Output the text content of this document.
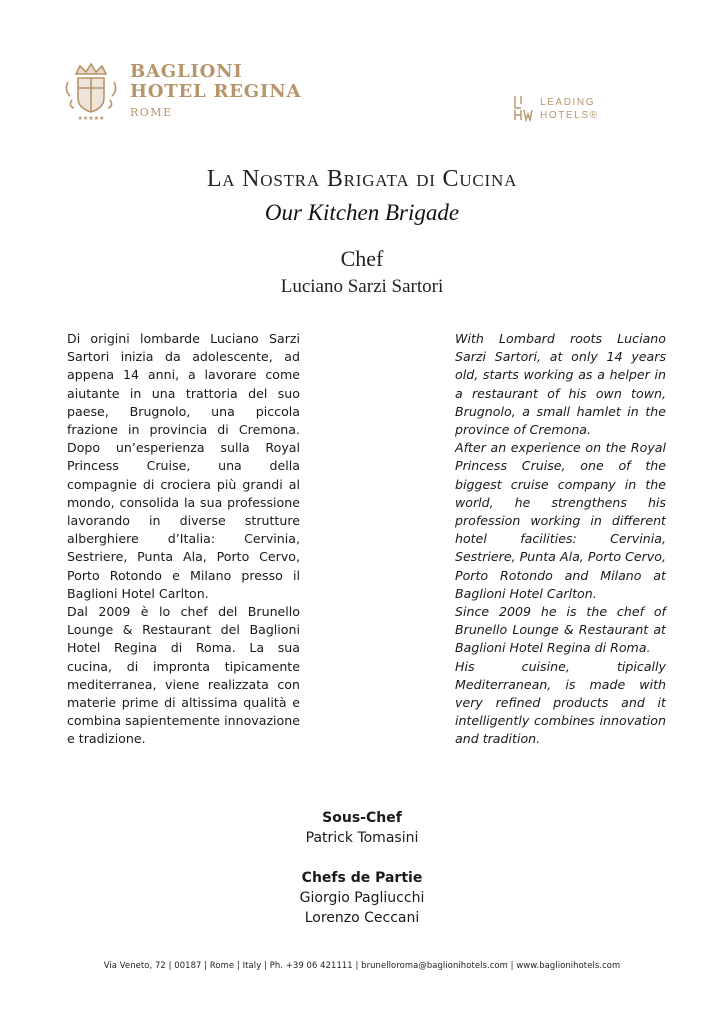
★★★★★
BAGLIONI
HOTEL REGINA
ROME
LEADING
HOTELS®
La Nostra Brigata di Cucina
Our Kitchen Brigade
Chef
Luciano Sarzi Sartori

Di origini lombarde Luciano Sarzi Sartori inizia da adolescente, ad appena 14 anni, a lavorare come aiutante in una trattoria del suo paese, Brugnolo, una piccola frazione in provincia di Cremona. Dopo un’esperienza sulla Royal Princess Cruise, una della compagnie di crociera più grandi al mondo, consolida la sua professione lavorando in diverse strutture alberghiere d’Italia: Cervinia, Sestriere, Punta Ala, Porto Cervo, Porto Rotondo e Milano presso il Baglioni Hotel Carlton.

Dal 2009 è lo chef del Brunello Lounge & Restaurant del Baglioni Hotel Regina di Roma. La sua cucina, di impronta tipicamente mediterranea, viene realizzata con materie prime di altissima qualità e combina sapientemente innovazione e tradizione.

With Lombard roots Luciano Sarzi Sartori, at only 14 years old, starts working as a helper in a restaurant of his own town, Brugnolo, a small hamlet in the province of Cremona.

After an experience on the Royal Princess Cruise, one of the biggest cruise company in the world, he strengthens his profession working in different hotel facilities: Cervinia, Sestriere, Punta Ala, Porto Cervo, Porto Rotondo and Milano at Baglioni Hotel Carlton.

Since 2009 he is the chef of Brunello Lounge & Restaurant at Baglioni Hotel Regina di Roma.

His cuisine, tipically Mediterranean, is made with very refined products and it intelligently combines innovation and tradition.

Sous-Chef
Patrick Tomasini
Chefs de Partie
Giorgio Pagliucchi
Lorenzo Ceccani
Via Veneto, 72 | 00187 | Rome | Italy | Ph. +39 06 421111 | brunelloroma@baglionihotels.com | www.baglionihotels.com
